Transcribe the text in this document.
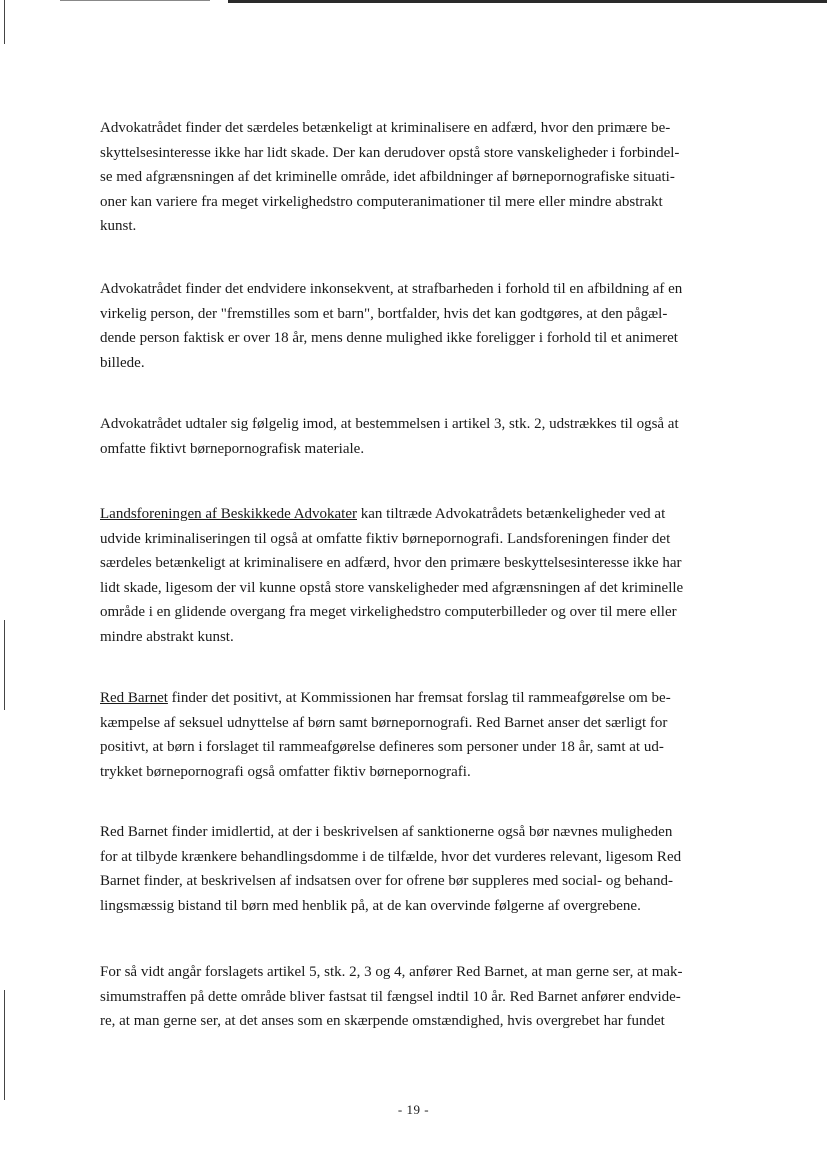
Advokatrådet finder det særdeles betænkeligt at kriminalisere en adfærd, hvor den primære be-
skyttelsesinteresse ikke har lidt skade. Der kan derudover opstå store vanskeligheder i forbindel-
se med afgrænsningen af det kriminelle område, idet afbildninger af børnepornografiske situati-
oner kan variere fra meget virkelighedstro computeranimationer til mere eller mindre abstrakt
kunst.
Advokatrådet finder det endvidere inkonsekvent, at strafbarheden i forhold til en afbildning af en
virkelig person, der "fremstilles som et barn", bortfalder, hvis det kan godtgøres, at den pågæl-
dende person faktisk er over 18 år, mens denne mulighed ikke foreligger i forhold til et animeret
billede.
Advokatrådet udtaler sig følgelig imod, at bestemmelsen i artikel 3, stk. 2, udstrækkes til også at
omfatte fiktivt børnepornografisk materiale.
Landsforeningen af Beskikkede Advokater kan tiltræde Advokatrådets betænkeligheder ved at
udvide kriminaliseringen til også at omfatte fiktiv børnepornografi. Landsforeningen finder det
særdeles betænkeligt at kriminalisere en adfærd, hvor den primære beskyttelsesinteresse ikke har
lidt skade, ligesom der vil kunne opstå store vanskeligheder med afgrænsningen af det kriminelle
område i en glidende overgang fra meget virkelighedstro computerbilleder og over til mere eller
mindre abstrakt kunst.
Red Barnet finder det positivt, at Kommissionen har fremsat forslag til rammeafgørelse om be-
kæmpelse af seksuel udnyttelse af børn samt børnepornografi. Red Barnet anser det særligt for
positivt, at børn i forslaget til rammeafgørelse defineres som personer under 18 år, samt at ud-
trykket børnepornografi også omfatter fiktiv børnepornografi.
Red Barnet finder imidlertid, at der i beskrivelsen af sanktionerne også bør nævnes muligheden
for at tilbyde krænkere behandlingsdomme i de tilfælde, hvor det vurderes relevant, ligesom Red
Barnet finder, at beskrivelsen af indsatsen over for ofrene bør suppleres med social- og behand-
lingsmæssig bistand til børn med henblik på, at de kan overvinde følgerne af overgrebene.
For så vidt angår forslagets artikel 5, stk. 2, 3 og 4, anfører Red Barnet, at man gerne ser, at mak-
simumstraffen på dette område bliver fastsat til fængsel indtil 10 år. Red Barnet anfører endvide-
re, at man gerne ser, at det anses som en skærpende omstændighed, hvis overgrebet har fundet
- 19 -
